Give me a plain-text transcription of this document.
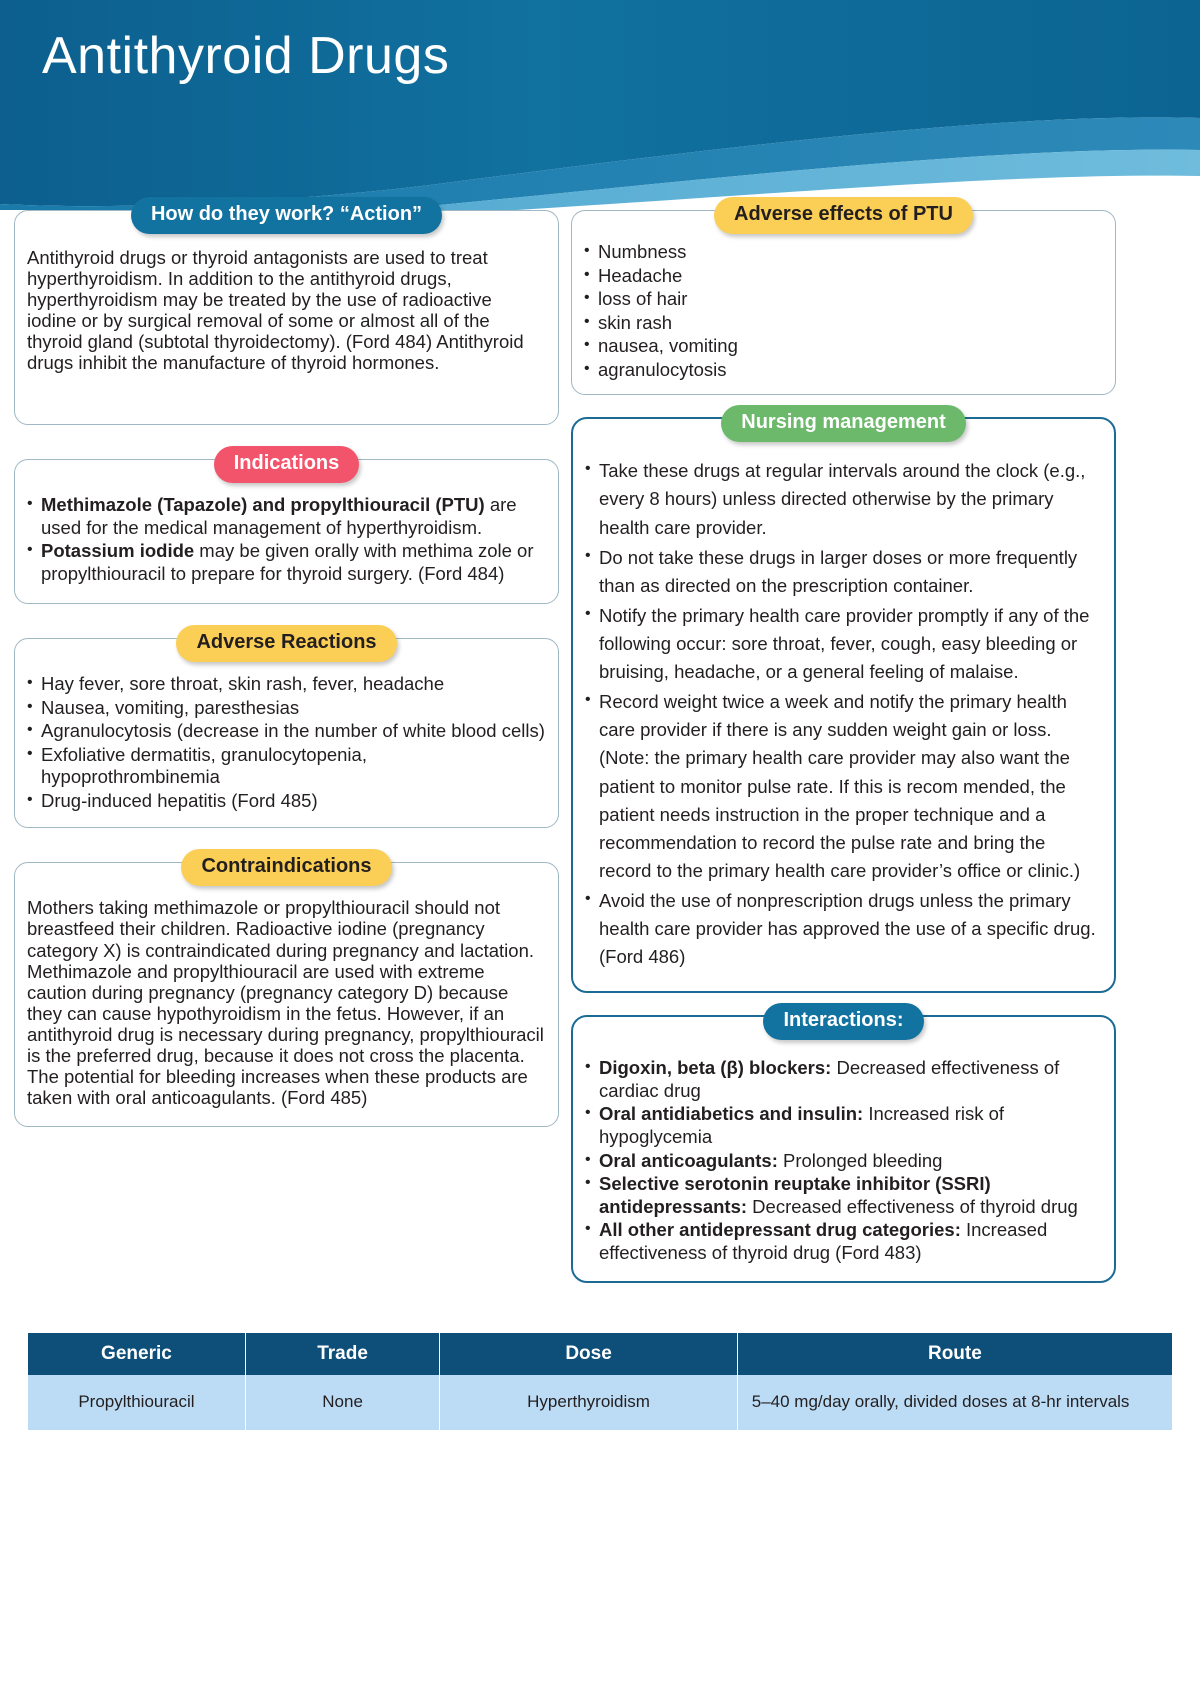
Antithyroid Drugs
How do they work? “Action”
Antithyroid drugs or thyroid antagonists are used to treat hyperthyroidism. In addition to the antithyroid drugs, hyperthyroidism may be treated by the use of radioactive iodine or by surgical removal of some or almost all of the thyroid gland (subtotal thyroidectomy). (Ford 484) Antithyroid drugs inhibit the manufacture of thyroid hormones.
Indications
• Methimazole (Tapazole) and propylthiouracil (PTU) are used for the medical management of hyperthyroidism.
• Potassium iodide may be given orally with methima zole or propylthiouracil to prepare for thyroid surgery. (Ford 484)
Adverse Reactions
• Hay fever, sore throat, skin rash, fever, headache
• Nausea, vomiting, paresthesias
• Agranulocytosis (decrease in the number of white blood cells)
• Exfoliative dermatitis, granulocytopenia, hypoprothrombinemia
• Drug-induced hepatitis (Ford 485)
Contraindications
Mothers taking methimazole or propylthiouracil should not breastfeed their children. Radioactive iodine (pregnancy category X) is contraindicated during pregnancy and lactation. Methimazole and propylthiouracil are used with extreme caution during pregnancy (pregnancy category D) because they can cause hypothyroidism in the fetus. However, if an antithyroid drug is necessary during pregnancy, propylthiouracil is the preferred drug, because it does not cross the placenta. The potential for bleeding increases when these products are taken with oral anticoagulants. (Ford 485)
Adverse effects of PTU
• Numbness
• Headache
• loss of hair
• skin rash
• nausea, vomiting
• agranulocytosis
Nursing management
• Take these drugs at regular intervals around the clock (e.g., every 8 hours) unless directed otherwise by the primary health care provider.
• Do not take these drugs in larger doses or more frequently than as directed on the prescription container.
• Notify the primary health care provider promptly if any of the following occur: sore throat, fever, cough, easy bleeding or bruising, headache, or a general feeling of malaise.
• Record weight twice a week and notify the primary health care provider if there is any sudden weight gain or loss. (Note: the primary health care provider may also want the patient to monitor pulse rate. If this is recom mended, the patient needs instruction in the proper technique and a recommendation to record the pulse rate and bring the record to the primary health care provider’s office or clinic.)
• Avoid the use of nonprescription drugs unless the primary health care provider has approved the use of a specific drug. (Ford 486)
Interactions:
• Digoxin, beta (β) blockers: Decreased effectiveness of cardiac drug
• Oral antidiabetics and insulin: Increased risk of hypoglycemia
• Oral anticoagulants: Prolonged bleeding
• Selective serotonin reuptake inhibitor (SSRI) antidepressants: Decreased effectiveness of thyroid drug
• All other antidepressant drug categories: Increased effectiveness of thyroid drug (Ford 483)
Generic	Trade	Dose	Route
Propylthiouracil	None	Hyperthyroidism	5–40 mg/day orally, divided doses at 8-hr intervals
